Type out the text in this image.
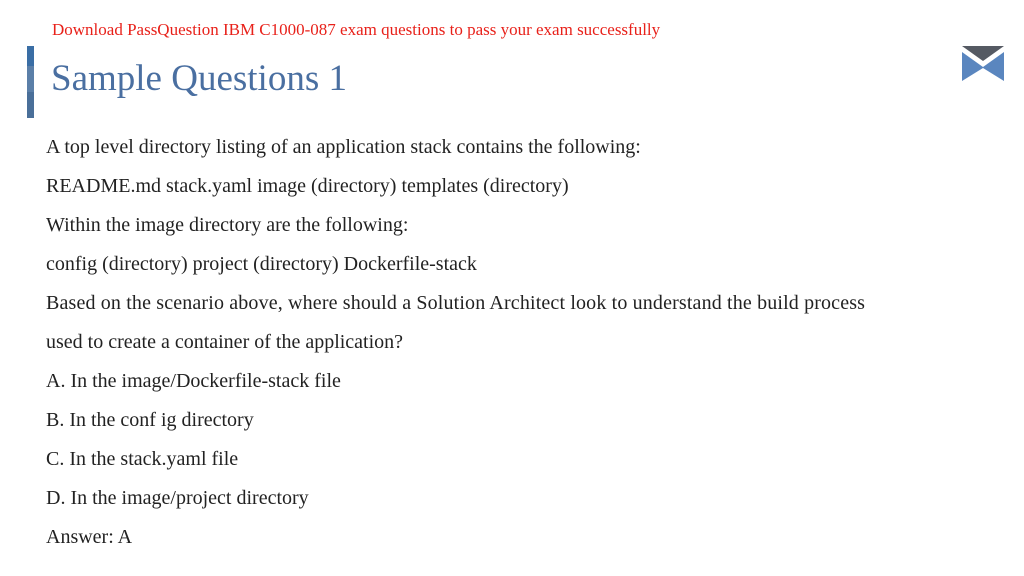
Download PassQuestion IBM C1000-087 exam questions to pass your exam successfully
Sample Questions 1
A top level directory listing of an application stack contains the following:
README.md stack.yaml image (directory) templates (directory)
Within the image directory are the following:
config (directory) project (directory) Dockerfile-stack
Based on the scenario above, where should a Solution Architect look to understand the build process
used to create a container of the application?
A. In the image/Dockerfile-stack file
B. In the conf ig directory
C. In the stack.yaml file
D. In the image/project directory
Answer: A
